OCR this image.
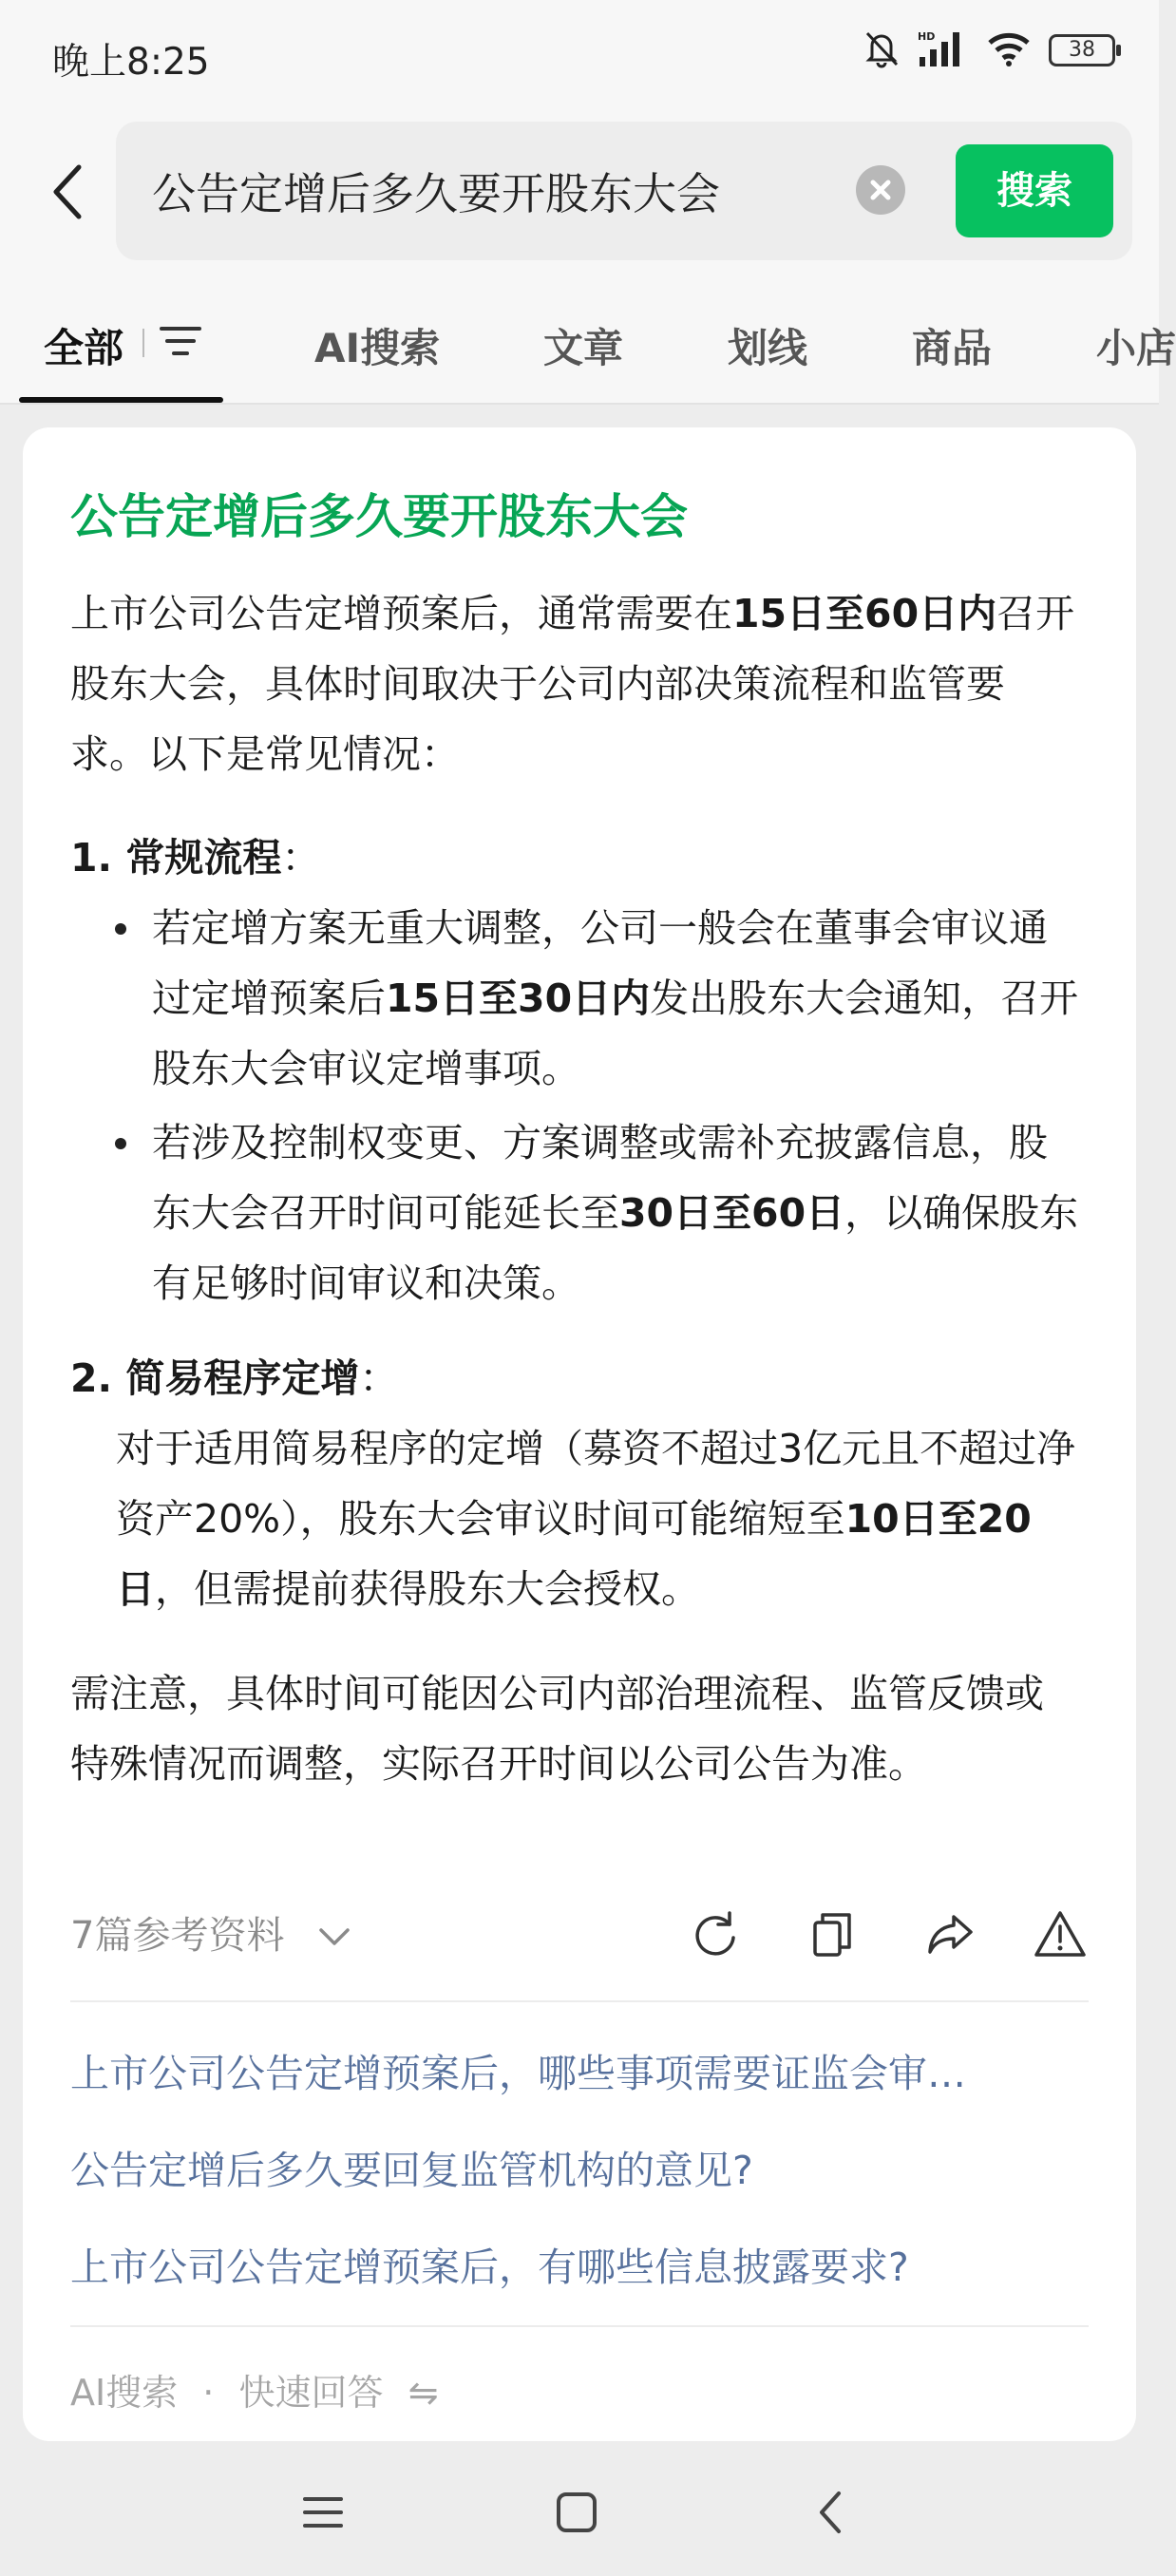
晚上8:25
HD
38
公告定增后多久要开股东大会	搜索
全部	AI搜索	文章	划线	商品	小店
公告定增后多久要开股东大会
上市公司公告定增预案后，通常需要在15日至60日内召开股东大会，具体时间取决于公司内部决策流程和监管要求。以下是常见情况：
1. 常规流程：
若定增方案无重大调整，公司一般会在董事会审议通过定增预案后15日至30日内发出股东大会通知，召开股东大会审议定增事项。
若涉及控制权变更、方案调整或需补充披露信息，股东大会召开时间可能延长至30日至60日，以确保股东有足够时间审议和决策。
2. 简易程序定增：
对于适用简易程序的定增（募资不超过3亿元且不超过净资产20%），股东大会审议时间可能缩短至10日至20日，但需提前获得股东大会授权。
需注意，具体时间可能因公司内部治理流程、监管反馈或特殊情况而调整，实际召开时间以公司公告为准。
7篇参考资料
上市公司公告定增预案后，哪些事项需要证监会审…
公告定增后多久要回复监管机构的意见?
上市公司公告定增预案后，有哪些信息披露要求?
AI搜索 · 快速回答 ⇋
